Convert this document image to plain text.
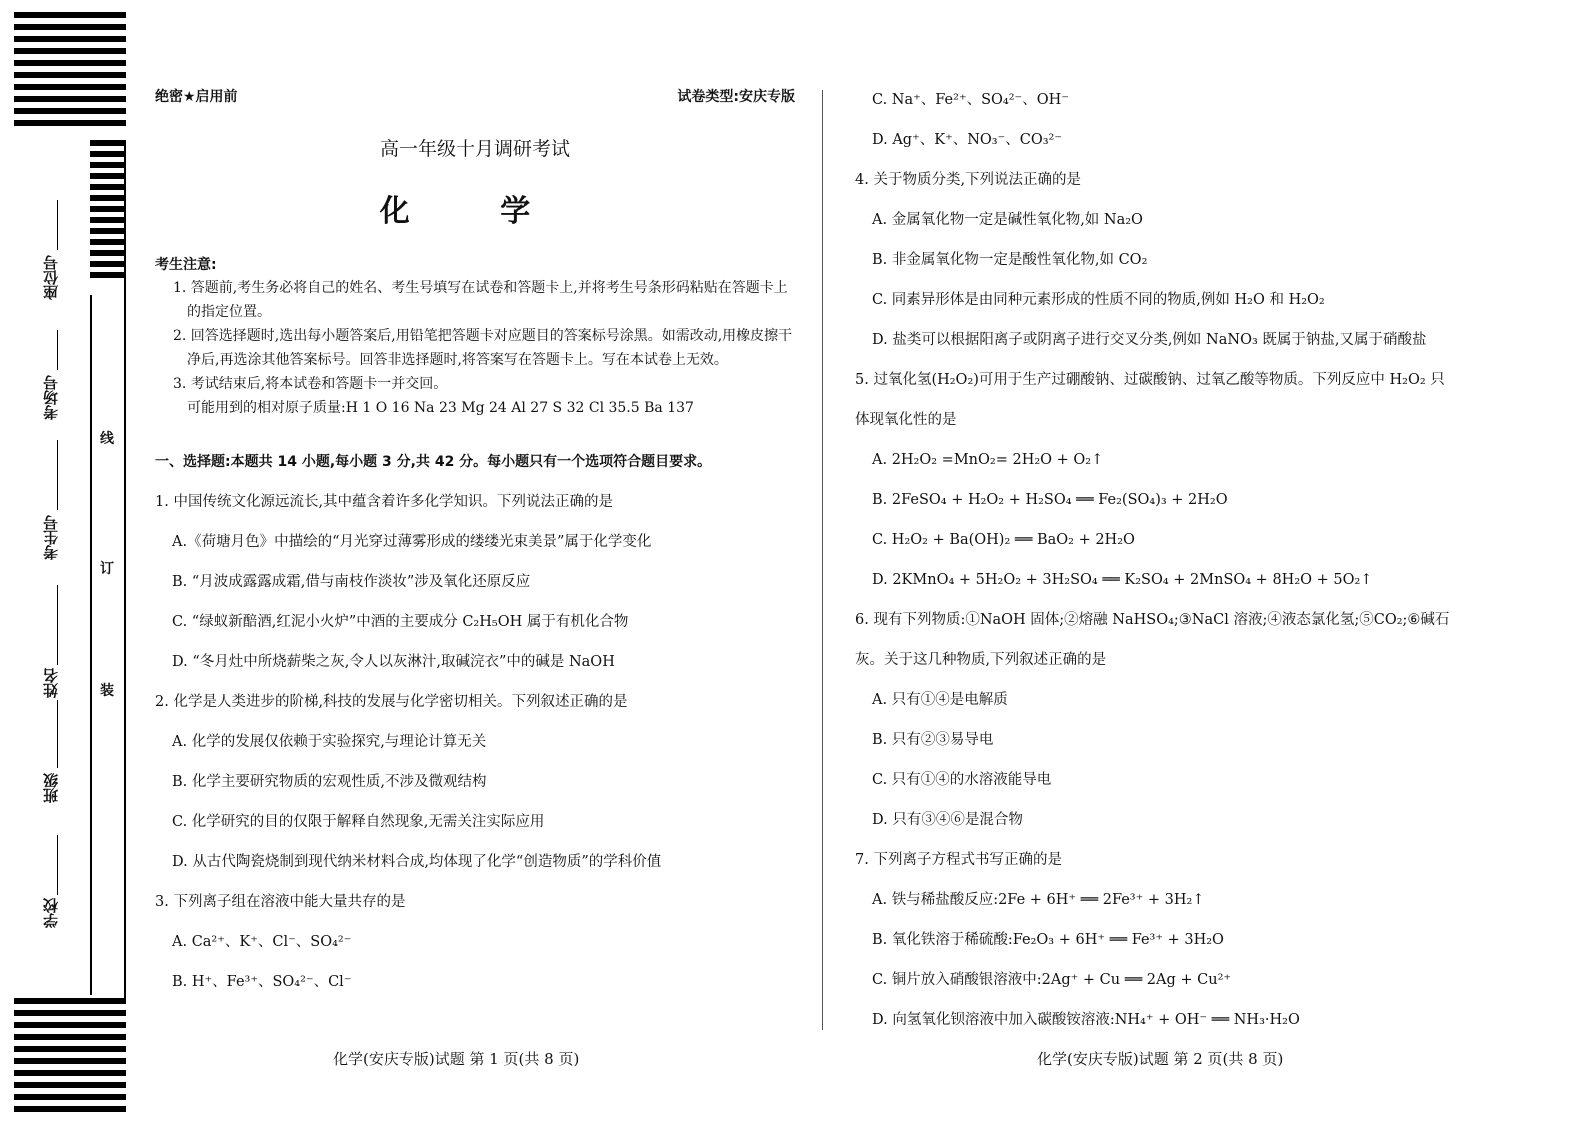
座位号
考场号
考生号
姓名
班级
学校
线
订
装
绝密★启用前	试卷类型:安庆专版
高一年级十月调研考试
化 学
考生注意:
1. 答题前,考生务必将自己的姓名、考生号填写在试卷和答题卡上,并将考生号条形码粘贴在答题卡上的指定位置。
2. 回答选择题时,选出每小题答案后,用铅笔把答题卡对应题目的答案标号涂黑。如需改动,用橡皮擦干净后,再选涂其他答案标号。回答非选择题时,将答案写在答题卡上。写在本试卷上无效。
3. 考试结束后,将本试卷和答题卡一并交回。
可能用到的相对原子质量:H 1 O 16 Na 23 Mg 24 Al 27 S 32 Cl 35.5 Ba 137
一、选择题:本题共 14 小题,每小题 3 分,共 42 分。每小题只有一个选项符合题目要求。
1. 中国传统文化源远流长,其中蕴含着许多化学知识。下列说法正确的是
A.《荷塘月色》中描绘的“月光穿过薄雾形成的缕缕光束美景”属于化学变化
B. “月波成露露成霜,借与南枝作淡妆”涉及氧化还原反应
C. “绿蚁新醅酒,红泥小火炉”中酒的主要成分 C₂H₅OH 属于有机化合物
D. “冬月灶中所烧薪柴之灰,令人以灰淋汁,取碱浣衣”中的碱是 NaOH
2. 化学是人类进步的阶梯,科技的发展与化学密切相关。下列叙述正确的是
A. 化学的发展仅依赖于实验探究,与理论计算无关
B. 化学主要研究物质的宏观性质,不涉及微观结构
C. 化学研究的目的仅限于解释自然现象,无需关注实际应用
D. 从古代陶瓷烧制到现代纳米材料合成,均体现了化学“创造物质”的学科价值
3. 下列离子组在溶液中能大量共存的是
A. Ca²⁺、K⁺、Cl⁻、SO₄²⁻
B. H⁺、Fe³⁺、SO₄²⁻、Cl⁻
C. Na⁺、Fe²⁺、SO₄²⁻、OH⁻
D. Ag⁺、K⁺、NO₃⁻、CO₃²⁻
4. 关于物质分类,下列说法正确的是
A. 金属氧化物一定是碱性氧化物,如 Na₂O
B. 非金属氧化物一定是酸性氧化物,如 CO₂
C. 同素异形体是由同种元素形成的性质不同的物质,例如 H₂O 和 H₂O₂
D. 盐类可以根据阳离子或阴离子进行交叉分类,例如 NaNO₃ 既属于钠盐,又属于硝酸盐
5. 过氧化氢(H₂O₂)可用于生产过硼酸钠、过碳酸钠、过氧乙酸等物质。下列反应中 H₂O₂ 只
体现氧化性的是
A. 2H₂O₂ =MnO₂= 2H₂O + O₂↑
B. 2FeSO₄ + H₂O₂ + H₂SO₄ ══ Fe₂(SO₄)₃ + 2H₂O
C. H₂O₂ + Ba(OH)₂ ══ BaO₂ + 2H₂O
D. 2KMnO₄ + 5H₂O₂ + 3H₂SO₄ ══ K₂SO₄ + 2MnSO₄ + 8H₂O + 5O₂↑
6. 现有下列物质:①NaOH 固体;②熔融 NaHSO₄;③NaCl 溶液;④液态氯化氢;⑤CO₂;⑥碱石
灰。关于这几种物质,下列叙述正确的是
A. 只有①④是电解质
B. 只有②③易导电
C. 只有①④的水溶液能导电
D. 只有③④⑥是混合物
7. 下列离子方程式书写正确的是
A. 铁与稀盐酸反应:2Fe + 6H⁺ ══ 2Fe³⁺ + 3H₂↑
B. 氧化铁溶于稀硫酸:Fe₂O₃ + 6H⁺ ══ Fe³⁺ + 3H₂O
C. 铜片放入硝酸银溶液中:2Ag⁺ + Cu ══ 2Ag + Cu²⁺
D. 向氢氧化钡溶液中加入碳酸铵溶液:NH₄⁺ + OH⁻ ══ NH₃·H₂O
化学(安庆专版)试题 第 1 页(共 8 页)	化学(安庆专版)试题 第 2 页(共 8 页)
